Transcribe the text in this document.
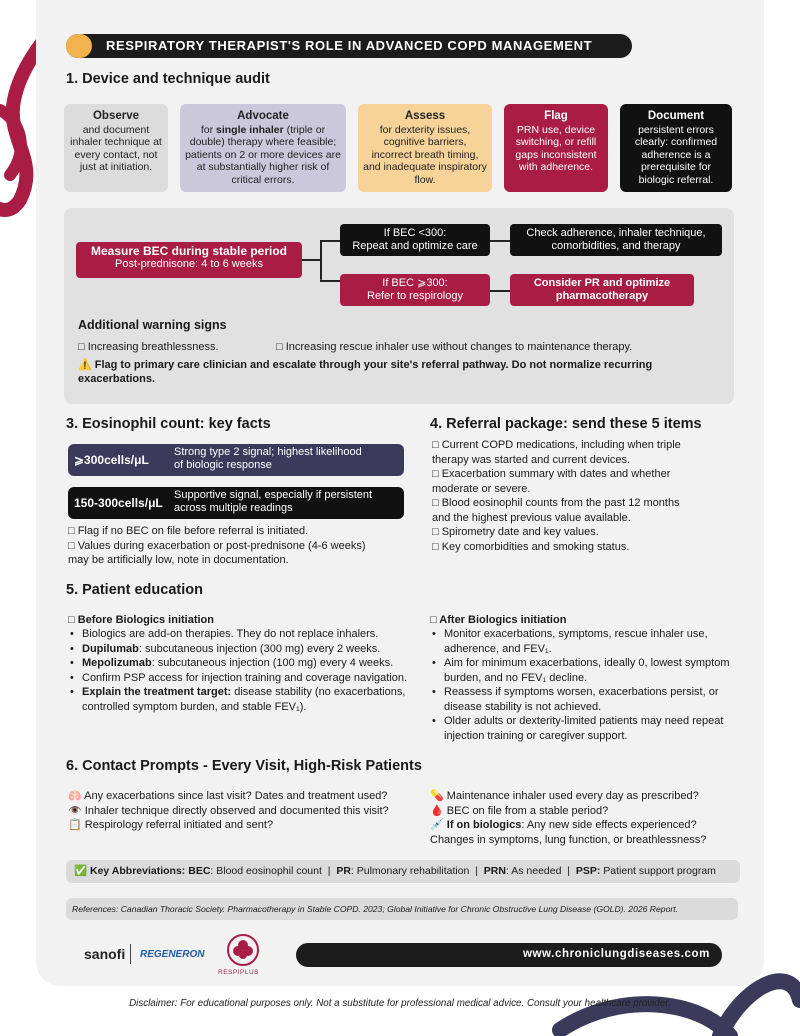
RESPIRATORY THERAPIST'S ROLE IN ADVANCED COPD MANAGEMENT
1. Device and technique audit
Observe
and document inhaler technique at every contact, not just at initiation.
Advocate
for single inhaler (triple or double) therapy where feasible; patients on 2 or more devices are at substantially higher risk of critical errors.
Assess
for dexterity issues, cognitive barriers, incorrect breath timing, and inadequate inspiratory flow.
Flag
PRN use, device switching, or refill gaps inconsistent with adherence.
Document
persistent errors clearly: confirmed adherence is a prerequisite for biologic referral.
Measure BEC during stable period
Post-prednisone: 4 to 6 weeks
If BEC <300:
Repeat and optimize care
If BEC ⩾300:
Refer to respirology
Check adherence, inhaler technique, comorbidities, and therapy
Consider PR and optimize pharmacotherapy
Additional warning signs
□ Increasing breathlessness.	□ Increasing rescue inhaler use without changes to maintenance therapy.
⚠️ Flag to primary care clinician and escalate through your site's referral pathway. Do not normalize recurring
exacerbations.
3. Eosinophil count: key facts
⩾300cells/μL
Strong type 2 signal; highest likelihood
of biologic response
150-300cells/μL
Supportive signal, especially if persistent
across multiple readings
□ Flag if no BEC on file before referral is initiated.
□ Values during exacerbation or post-prednisone (4-6 weeks)
may be artificially low, note in documentation.
4. Referral package: send these 5 items
□ Current COPD medications, including when triple
therapy was started and current devices.
□ Exacerbation summary with dates and whether
moderate or severe.
□ Blood eosinophil counts from the past 12 months
and the highest previous value available.
□ Spirometry date and key values.
□ Key comorbidities and smoking status.
5. Patient education
□ Before Biologics initiation
• Biologics are add-on therapies. They do not replace inhalers.
• Dupilumab: subcutaneous injection (300 mg) every 2 weeks.
• Mepolizumab: subcutaneous injection (100 mg) every 4 weeks.
• Confirm PSP access for injection training and coverage navigation.
• Explain the treatment target: disease stability (no exacerbations, controlled symptom burden, and stable FEV₁).
□ After Biologics initiation
• Monitor exacerbations, symptoms, rescue inhaler use, adherence, and FEV₁.
• Aim for minimum exacerbations, ideally 0, lowest symptom burden, and no FEV₁ decline.
• Reassess if symptoms worsen, exacerbations persist, or disease stability is not achieved.
• Older adults or dexterity-limited patients may need repeat injection training or caregiver support.
6. Contact Prompts - Every Visit, High-Risk Patients
🫁 Any exacerbations since last visit? Dates and treatment used?
👁️ Inhaler technique directly observed and documented this visit?
📋 Respirology referral initiated and sent?
💊 Maintenance inhaler used every day as prescribed?
🩸 BEC on file from a stable period?
💉 If on biologics: Any new side effects experienced?
Changes in symptoms, lung function, or breathlessness?
✅ Key Abbreviations: BEC: Blood eosinophil count  |  PR: Pulmonary rehabilitation  |  PRN: As needed  |  PSP: Patient support program
References: Canadian Thoracic Society. Pharmacotherapy in Stable COPD. 2023; Global Initiative for Chronic Obstructive Lung Disease (GOLD). 2026 Report.
sanofi REGENERON
RESPIPLUS
www.chroniclungdiseases.com
Disclaimer: For educational purposes only. Not a substitute for professional medical advice. Consult your healthcare provider.
